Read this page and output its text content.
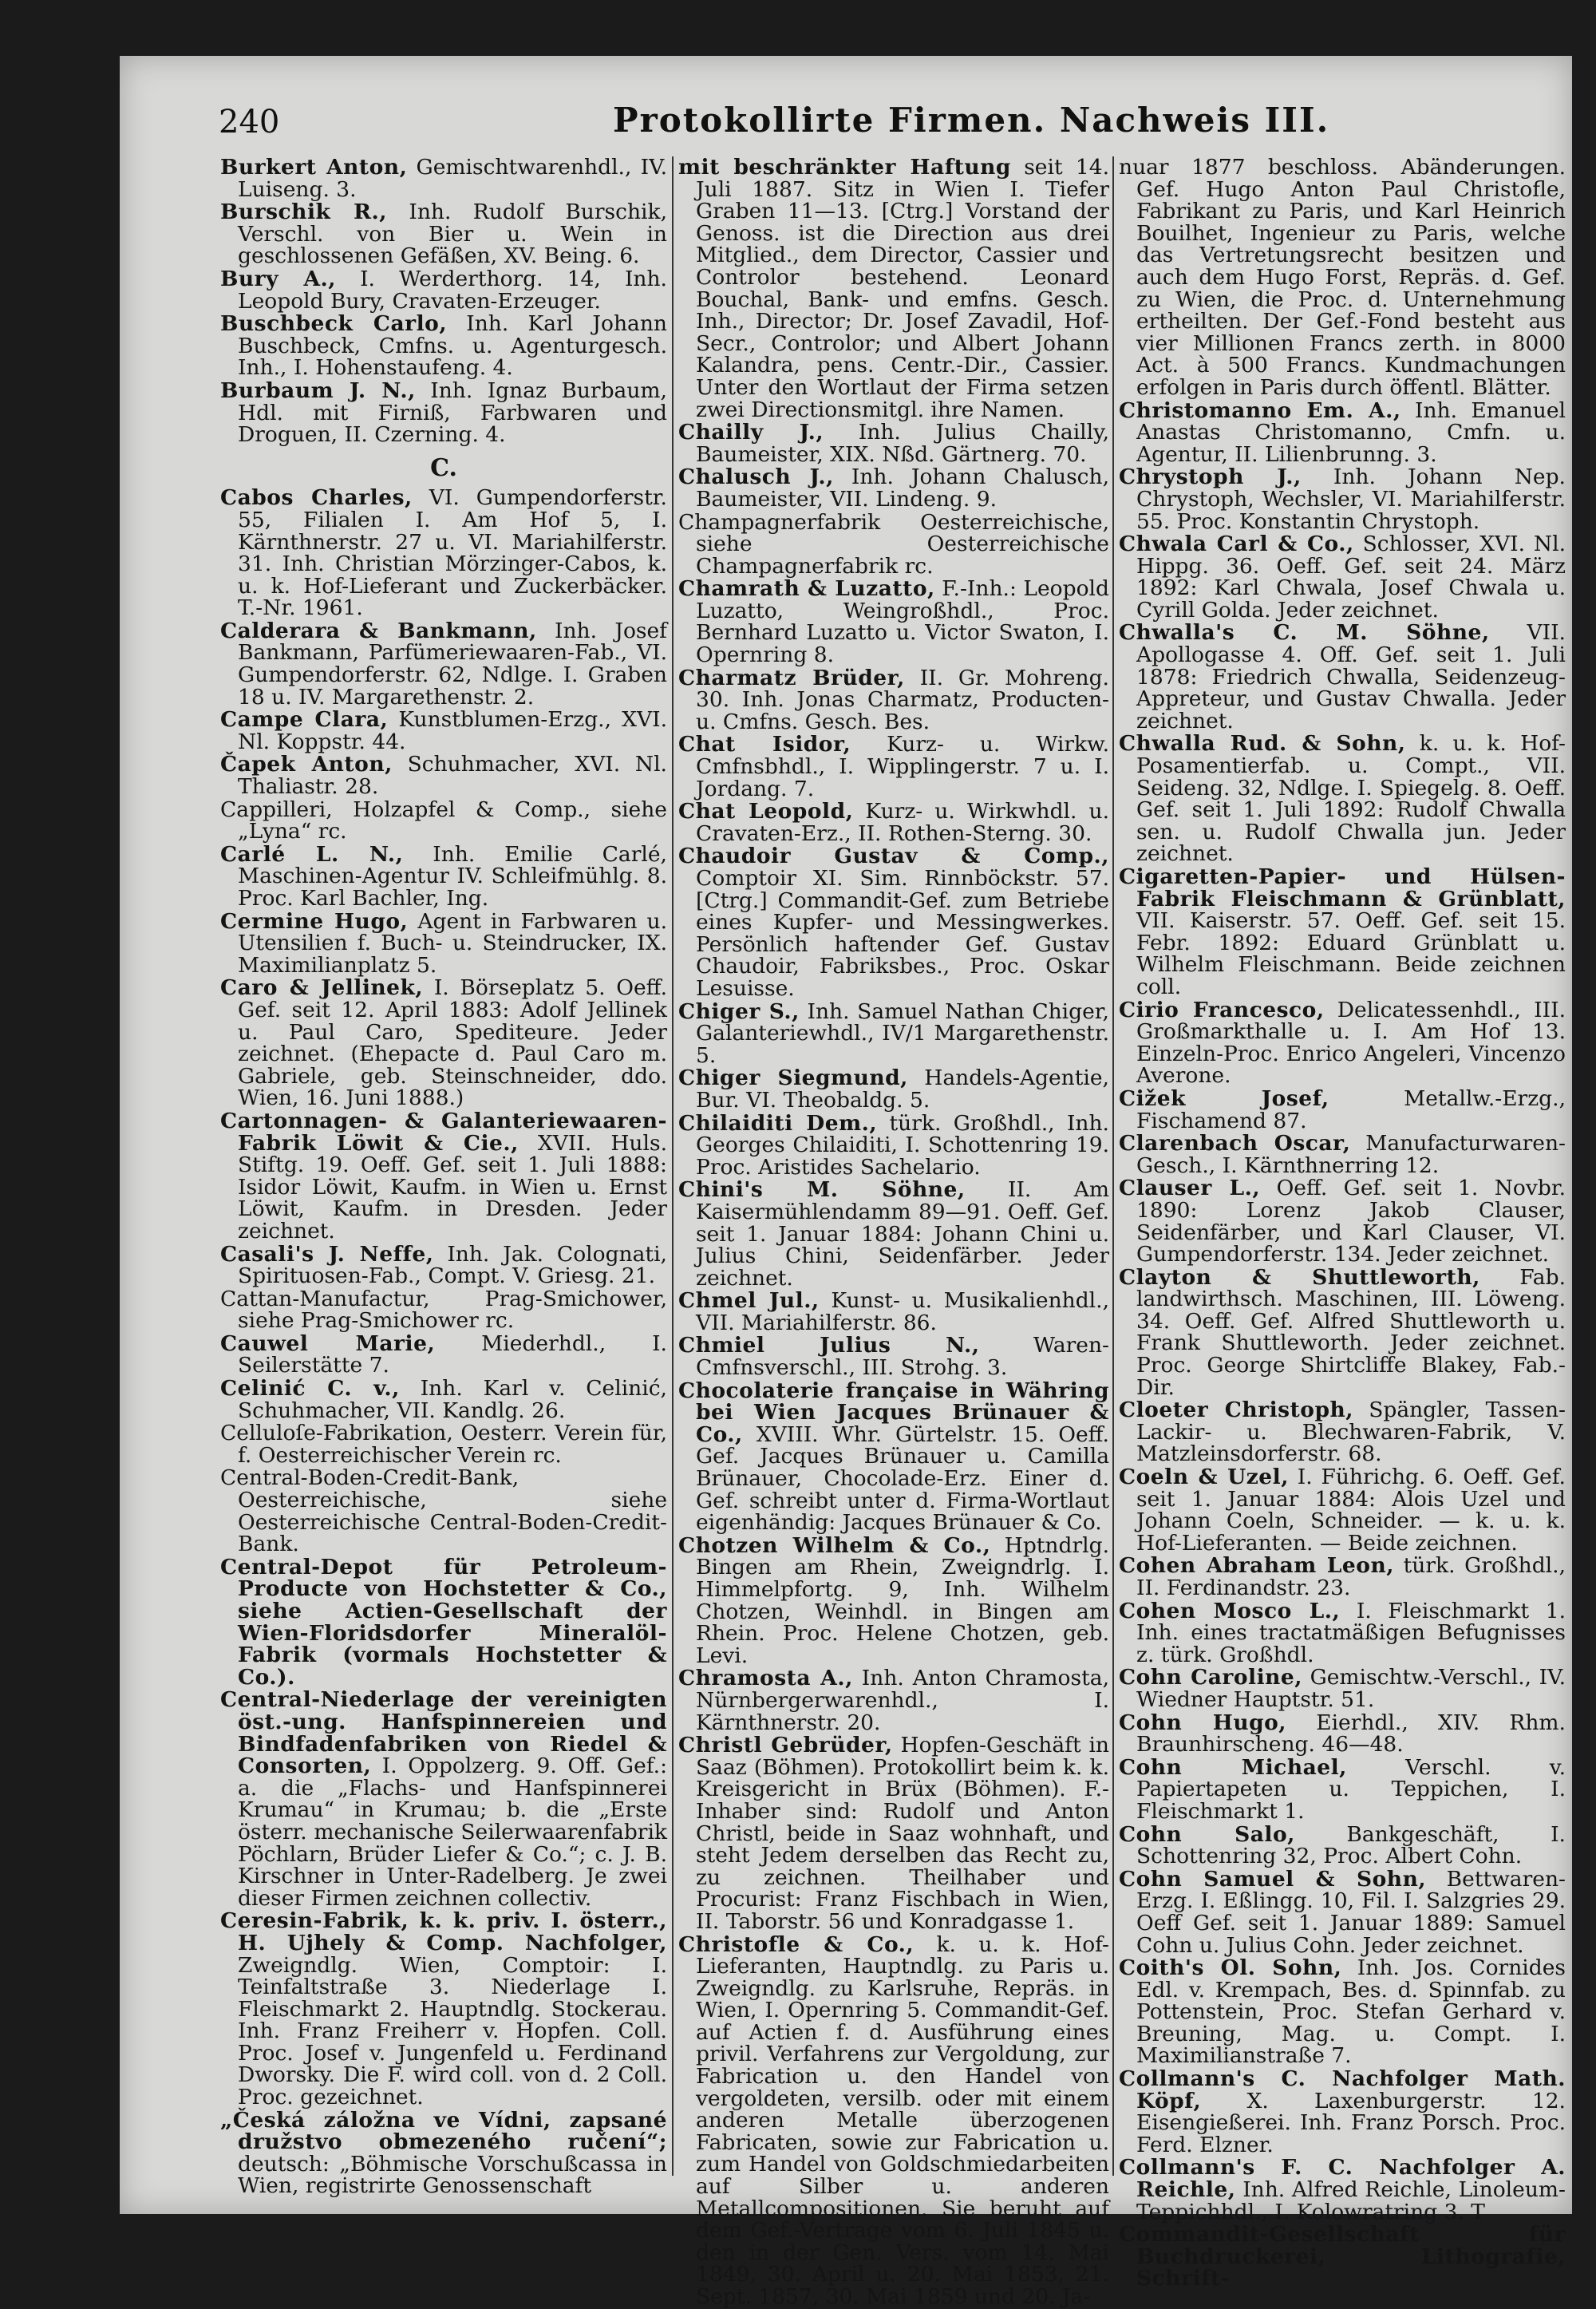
240	Protokollirte Firmen. Nachweis III.

Burkert Anton, Gemischtwarenhdl., IV. Luiseng. 3.

Burschik R., Inh. Rudolf Burschik, Verschl. von Bier u. Wein in geschlossenen Gefäßen, XV. Being. 6.

Bury A., I. Werderthorg. 14, Inh. Leopold Bury, Cravaten-Erzeuger.

Buschbeck Carlo, Inh. Karl Johann Buschbeck, Cmfns. u. Agenturgesch. Inh., I. Hohenstaufeng. 4.

Burbaum J. N., Inh. Ignaz Burbaum, Hdl. mit Firniß, Farbwaren und Droguen, II. Czerning. 4.

C.

Cabos Charles, VI. Gumpendorferstr. 55, Filialen I. Am Hof 5, I. Kärnthnerstr. 27 u. VI. Mariahilferstr. 31. Inh. Christian Mörzinger-Cabos, k. u. k. Hof-Lieferant und Zuckerbäcker. T.-Nr. 1961.

Calderara & Bankmann, Inh. Josef Bankmann, Parfümeriewaaren-Fab., VI. Gumpendorferstr. 62, Ndlge. I. Graben 18 u. IV. Margarethenstr. 2.

Campe Clara, Kunstblumen-Erzg., XVI. Nl. Koppstr. 44.

Čapek Anton, Schuhmacher, XVI. Nl. Thaliastr. 28.

Cappilleri, Holzapfel & Comp., siehe „Lyna“ rc.

Carlé L. N., Inh. Emilie Carlé, Maschinen-Agentur IV. Schleifmühlg. 8. Proc. Karl Bachler, Ing.

Cermine Hugo, Agent in Farbwaren u. Utensilien f. Buch- u. Steindrucker, IX. Maximilianplatz 5.

Caro & Jellinek, I. Börseplatz 5. Oeff. Gef. seit 12. April 1883: Adolf Jellinek u. Paul Caro, Spediteure. Jeder zeichnet. (Ehepacte d. Paul Caro m. Gabriele, geb. Steinschneider, ddo. Wien, 16. Juni 1888.)

Cartonnagen- & Galanteriewaaren-Fabrik Löwit & Cie., XVII. Huls. Stiftg. 19. Oeff. Gef. seit 1. Juli 1888: Isidor Löwit, Kaufm. in Wien u. Ernst Löwit, Kaufm. in Dresden. Jeder zeichnet.

Casali's J. Neffe, Inh. Jak. Colognati, Spirituosen-Fab., Compt. V. Griesg. 21.

Cattan-Manufactur, Prag-Smichower, siehe Prag-Smichower rc.

Cauwel Marie, Miederhdl., I. Seilerstätte 7.

Celinić C. v., Inh. Karl v. Celinić, Schuhmacher, VII. Kandlg. 26.

Celluloſe-Fabrikation, Oesterr. Verein für, f. Oesterreichischer Verein rc.

Central-Boden-Credit-Bank, Oesterreichische, siehe Oesterreichische Central-Boden-Credit-Bank.

Central-Depot für Petroleum-Producte von Hochstetter & Co., siehe Actien-Gesellschaft der Wien-Floridsdorfer Mineralöl-Fabrik (vormals Hochstetter & Co.).

Central-Niederlage der vereinigten öst.-ung. Hanfspinnereien und Bindfadenfabriken von Riedel & Consorten, I. Oppolzerg. 9. Off. Gef.: a. die „Flachs- und Hanfspinnerei Krumau“ in Krumau; b. die „Erste österr. mechanische Seilerwaarenfabrik Pöchlarn, Brüder Liefer & Co.“; c. J. B. Kirschner in Unter-Radelberg. Je zwei dieser Firmen zeichnen collectiv.

Ceresin-Fabrik, k. k. priv. I. österr., H. Ujhely & Comp. Nachfolger, Zweigndlg. Wien, Comptoir: I. Teinfaltstraße 3. Niederlage I. Fleischmarkt 2. Hauptndlg. Stockerau. Inh. Franz Freiherr v. Hopfen. Coll. Proc. Josef v. Jungenfeld u. Ferdinand Dworsky. Die F. wird coll. von d. 2 Coll. Proc. gezeichnet.

„Česká záložna ve Vídni, zapsané družstvo obmezeného ručení“; deutsch: „Böhmische Vorschußcassa in Wien, registrirte Genossenschaft

mit beschränkter Haftung seit 14. Juli 1887. Sitz in Wien I. Tiefer Graben 11—13. [Ctrg.] Vorstand der Genoss. ist die Direction aus drei Mitglied., dem Director, Cassier und Controlor bestehend. Leonard Bouchal, Bank- und emfns. Gesch. Inh., Director; Dr. Josef Zavadil, Hof-Secr., Controlor; und Albert Johann Kalandra, pens. Centr.-Dir., Cassier. Unter den Wortlaut der Firma setzen zwei Directionsmitgl. ihre Namen.

Chailly J., Inh. Julius Chailly, Baumeister, XIX. Nßd. Gärtnerg. 70.

Chalusch J., Inh. Johann Chalusch, Baumeister, VII. Lindeng. 9.

Champagnerfabrik Oesterreichische, siehe Oesterreichische Champagnerfabrik rc.

Chamrath & Luzatto, F.-Inh.: Leopold Luzatto, Weingroßhdl., Proc. Bernhard Luzatto u. Victor Swaton, I. Opernring 8.

Charmatz Brüder, II. Gr. Mohreng. 30. Inh. Jonas Charmatz, Producten- u. Cmfns. Gesch. Bes.

Chat Isidor, Kurz- u. Wirkw. Cmfnsbhdl., I. Wipplingerstr. 7 u. I. Jordang. 7.

Chat Leopold, Kurz- u. Wirkwhdl. u. Cravaten-Erz., II. Rothen-Sterng. 30.

Chaudoir Gustav & Comp., Comptoir XI. Sim. Rinnböckstr. 57. [Ctrg.] Commandit-Gef. zum Betriebe eines Kupfer- und Messingwerkes. Persönlich haftender Gef. Gustav Chaudoir, Fabriksbes., Proc. Oskar Lesuisse.

Chiger S., Inh. Samuel Nathan Chiger, Galanteriewhdl., IV/1 Margarethenstr. 5.

Chiger Siegmund, Handels-Agentie, Bur. VI. Theobaldg. 5.

Chilaiditi Dem., türk. Großhdl., Inh. Georges Chilaiditi, I. Schottenring 19. Proc. Aristides Sachelario.

Chini's M. Söhne, II. Am Kaisermühlendamm 89—91. Oeff. Gef. seit 1. Januar 1884: Johann Chini u. Julius Chini, Seidenfärber. Jeder zeichnet.

Chmel Jul., Kunst- u. Musikalienhdl., VII. Mariahilferstr. 86.

Chmiel Julius N.,	Waren-Cmfnsverschl., III. Strohg. 3.

Chocolaterie française in Währing bei Wien Jacques Brünauer & Co., XVIII. Whr. Gürtelstr. 15. Oeff. Gef. Jacques Brünauer u. Camilla Brünauer, Chocolade-Erz. Einer d. Gef. schreibt unter d. Firma-Wortlaut eigenhändig: Jacques Brünauer & Co.

Chotzen Wilhelm & Co., Hptndrlg. Bingen am Rhein, Zweigndrlg. I. Himmelpfortg. 9, Inh. Wilhelm Chotzen, Weinhdl. in Bingen am Rhein. Proc. Helene Chotzen, geb. Levi.

Chramosta A., Inh. Anton Chramosta, Nürnbergerwarenhdl., I. Kärnthnerstr. 20.

Christl Gebrüder, Hopfen-Geschäft in Saaz (Böhmen). Protokollirt beim k. k. Kreisgericht in Brüx (Böhmen). F.-Inhaber sind: Rudolf und Anton Christl, beide in Saaz wohnhaft, und steht Jedem derselben das Recht zu, zu zeichnen. Theilhaber und Procurist: Franz Fischbach in Wien, II. Taborstr. 56 und Konradgasse 1.

Christofle & Co., k. u. k. Hof-Lieferanten, Hauptndlg. zu Paris u. Zweigndlg. zu Karlsruhe, Repräs. in Wien, I. Opernring 5. Commandit-Gef. auf Actien f. d. Ausführung eines privil. Verfahrens zur Vergoldung, zur Fabrication u. den Handel von vergoldeten, versilb. oder mit einem anderen Metalle überzogenen Fabricaten, sowie zur Fabrication u. zum Handel von Goldschmiedarbeiten auf Silber u. anderen Metallcompositionen. Sie beruht auf dem Gef.-Vertrage vom 6. Juli 1845 u. den in der Gen. Vers. vom 14. Mai 1849, 30. April u. 20. Mai 1853, 21. Sept. 1857, 30. Mai 1859 und 20. Ja-

nuar 1877 beschloss. Abänderungen. Gef. Hugo Anton Paul Christofle, Fabrikant zu Paris, und Karl Heinrich Bouilhet, Ingenieur zu Paris, welche das Vertretungsrecht besitzen und auch dem Hugo Forst, Repräs. d. Gef. zu Wien, die Proc. d. Unternehmung ertheilten. Der Gef.-Fond besteht aus vier Millionen Francs zerth. in 8000 Act. à 500 Francs. Kundmachungen erfolgen in Paris durch öffentl. Blätter.

Christomanno Em. A., Inh. Emanuel Anastas Christomanno, Cmfn. u. Agentur, II. Lilienbrunng. 3.

Chrystoph J., Inh. Johann Nep. Chrystoph, Wechsler, VI. Mariahilferstr. 55. Proc. Konstantin Chrystoph.

Chwala Carl & Co., Schlosser, XVI. Nl. Hippg. 36. Oeff. Gef. seit 24. März 1892: Karl Chwala, Josef Chwala u. Cyrill Golda. Jeder zeichnet.

Chwalla's C. M. Söhne, VII. Apollogasse 4. Off. Gef. seit 1. Juli 1878: Friedrich Chwalla, Seidenzeug-Appreteur, und Gustav Chwalla. Jeder zeichnet.

Chwalla Rud. & Sohn, k. u. k. Hof-Posamentierfab. u. Compt., VII. Seideng. 32, Ndlge. I. Spiegelg. 8. Oeff. Gef. seit 1. Juli 1892: Rudolf Chwalla sen. u. Rudolf Chwalla jun. Jeder zeichnet.

Cigaretten-Papier- und Hülsen-Fabrik Fleischmann & Grünblatt, VII. Kaiserstr. 57. Oeff. Gef. seit 15. Febr. 1892: Eduard Grünblatt u. Wilhelm Fleischmann. Beide zeichnen coll.

Cirio Francesco, Delicatessenhdl., III. Großmarkthalle u. I. Am Hof 13. Einzeln-Proc. Enrico Angeleri, Vincenzo Averone.

Cižek Josef,	Metallw.-Erzg., Fischamend 87.

Clarenbach Oscar, Manufacturwaren-Gesch., I. Kärnthnerring 12.

Clauser L., Oeff. Gef. seit 1. Novbr. 1890: Lorenz Jakob Clauser, Seidenfärber, und Karl Clauser, VI. Gumpendorferstr. 134. Jeder zeichnet.

Clayton & Shuttleworth, Fab. landwirthsch. Maschinen, III. Löweng. 34. Oeff. Gef. Alfred Shuttleworth u. Frank Shuttleworth. Jeder zeichnet. Proc. George Shirtcliffe Blakey, Fab.-Dir.

Cloeter Christoph, Spängler, Tassen-Lackir- u. Blechwaren-Fabrik, V. Matzleinsdorferstr. 68.

Coeln & Uzel, I. Führichg. 6. Oeff. Gef. seit 1. Januar 1884: Alois Uzel und Johann Coeln, Schneider. — k. u. k. Hof-Lieferanten. — Beide zeichnen.

Cohen Abraham Leon, türk. Großhdl., II. Ferdinandstr. 23.

Cohen Mosco L., I. Fleischmarkt 1. Inh. eines tractatmäßigen Befugnisses z. türk. Großhdl.

Cohn Caroline, Gemischtw.-Verschl., IV. Wiedner Hauptstr. 51.

Cohn Hugo, Eierhdl., XIV. Rhm. Braunhirscheng. 46—48.

Cohn Michael,	Verschl. v. Papiertapeten u. Teppichen, I. Fleischmarkt 1.

Cohn Salo, Bankgeschäft, I. Schottenring 32, Proc. Albert Cohn.

Cohn Samuel & Sohn, Bettwaren-Erzg. I. Eßlingg. 10, Fil. I. Salzgries 29. Oeff Gef. seit 1. Januar 1889: Samuel Cohn u. Julius Cohn. Jeder zeichnet.

Coith's Ol. Sohn, Inh. Jos. Cornides Edl. v. Krempach, Bes. d. Spinnfab. zu Pottenstein, Proc. Stefan Gerhard v. Breuning, Mag. u. Compt. I. Maximilianstraße 7.

Collmann's C. Nachfolger Math. Köpf, X. Laxenburgerstr. 12. Eisengießerei. Inh. Franz Porsch. Proc. Ferd. Elzner.

Collmann's F. C. Nachfolger A. Reichle, Inh. Alfred Reichle, Linoleum-Teppichhdl., I. Kolowratring 3. T

Commandit-Gesellschaft für Buchdruckerei, Lithografie, Schrift-
